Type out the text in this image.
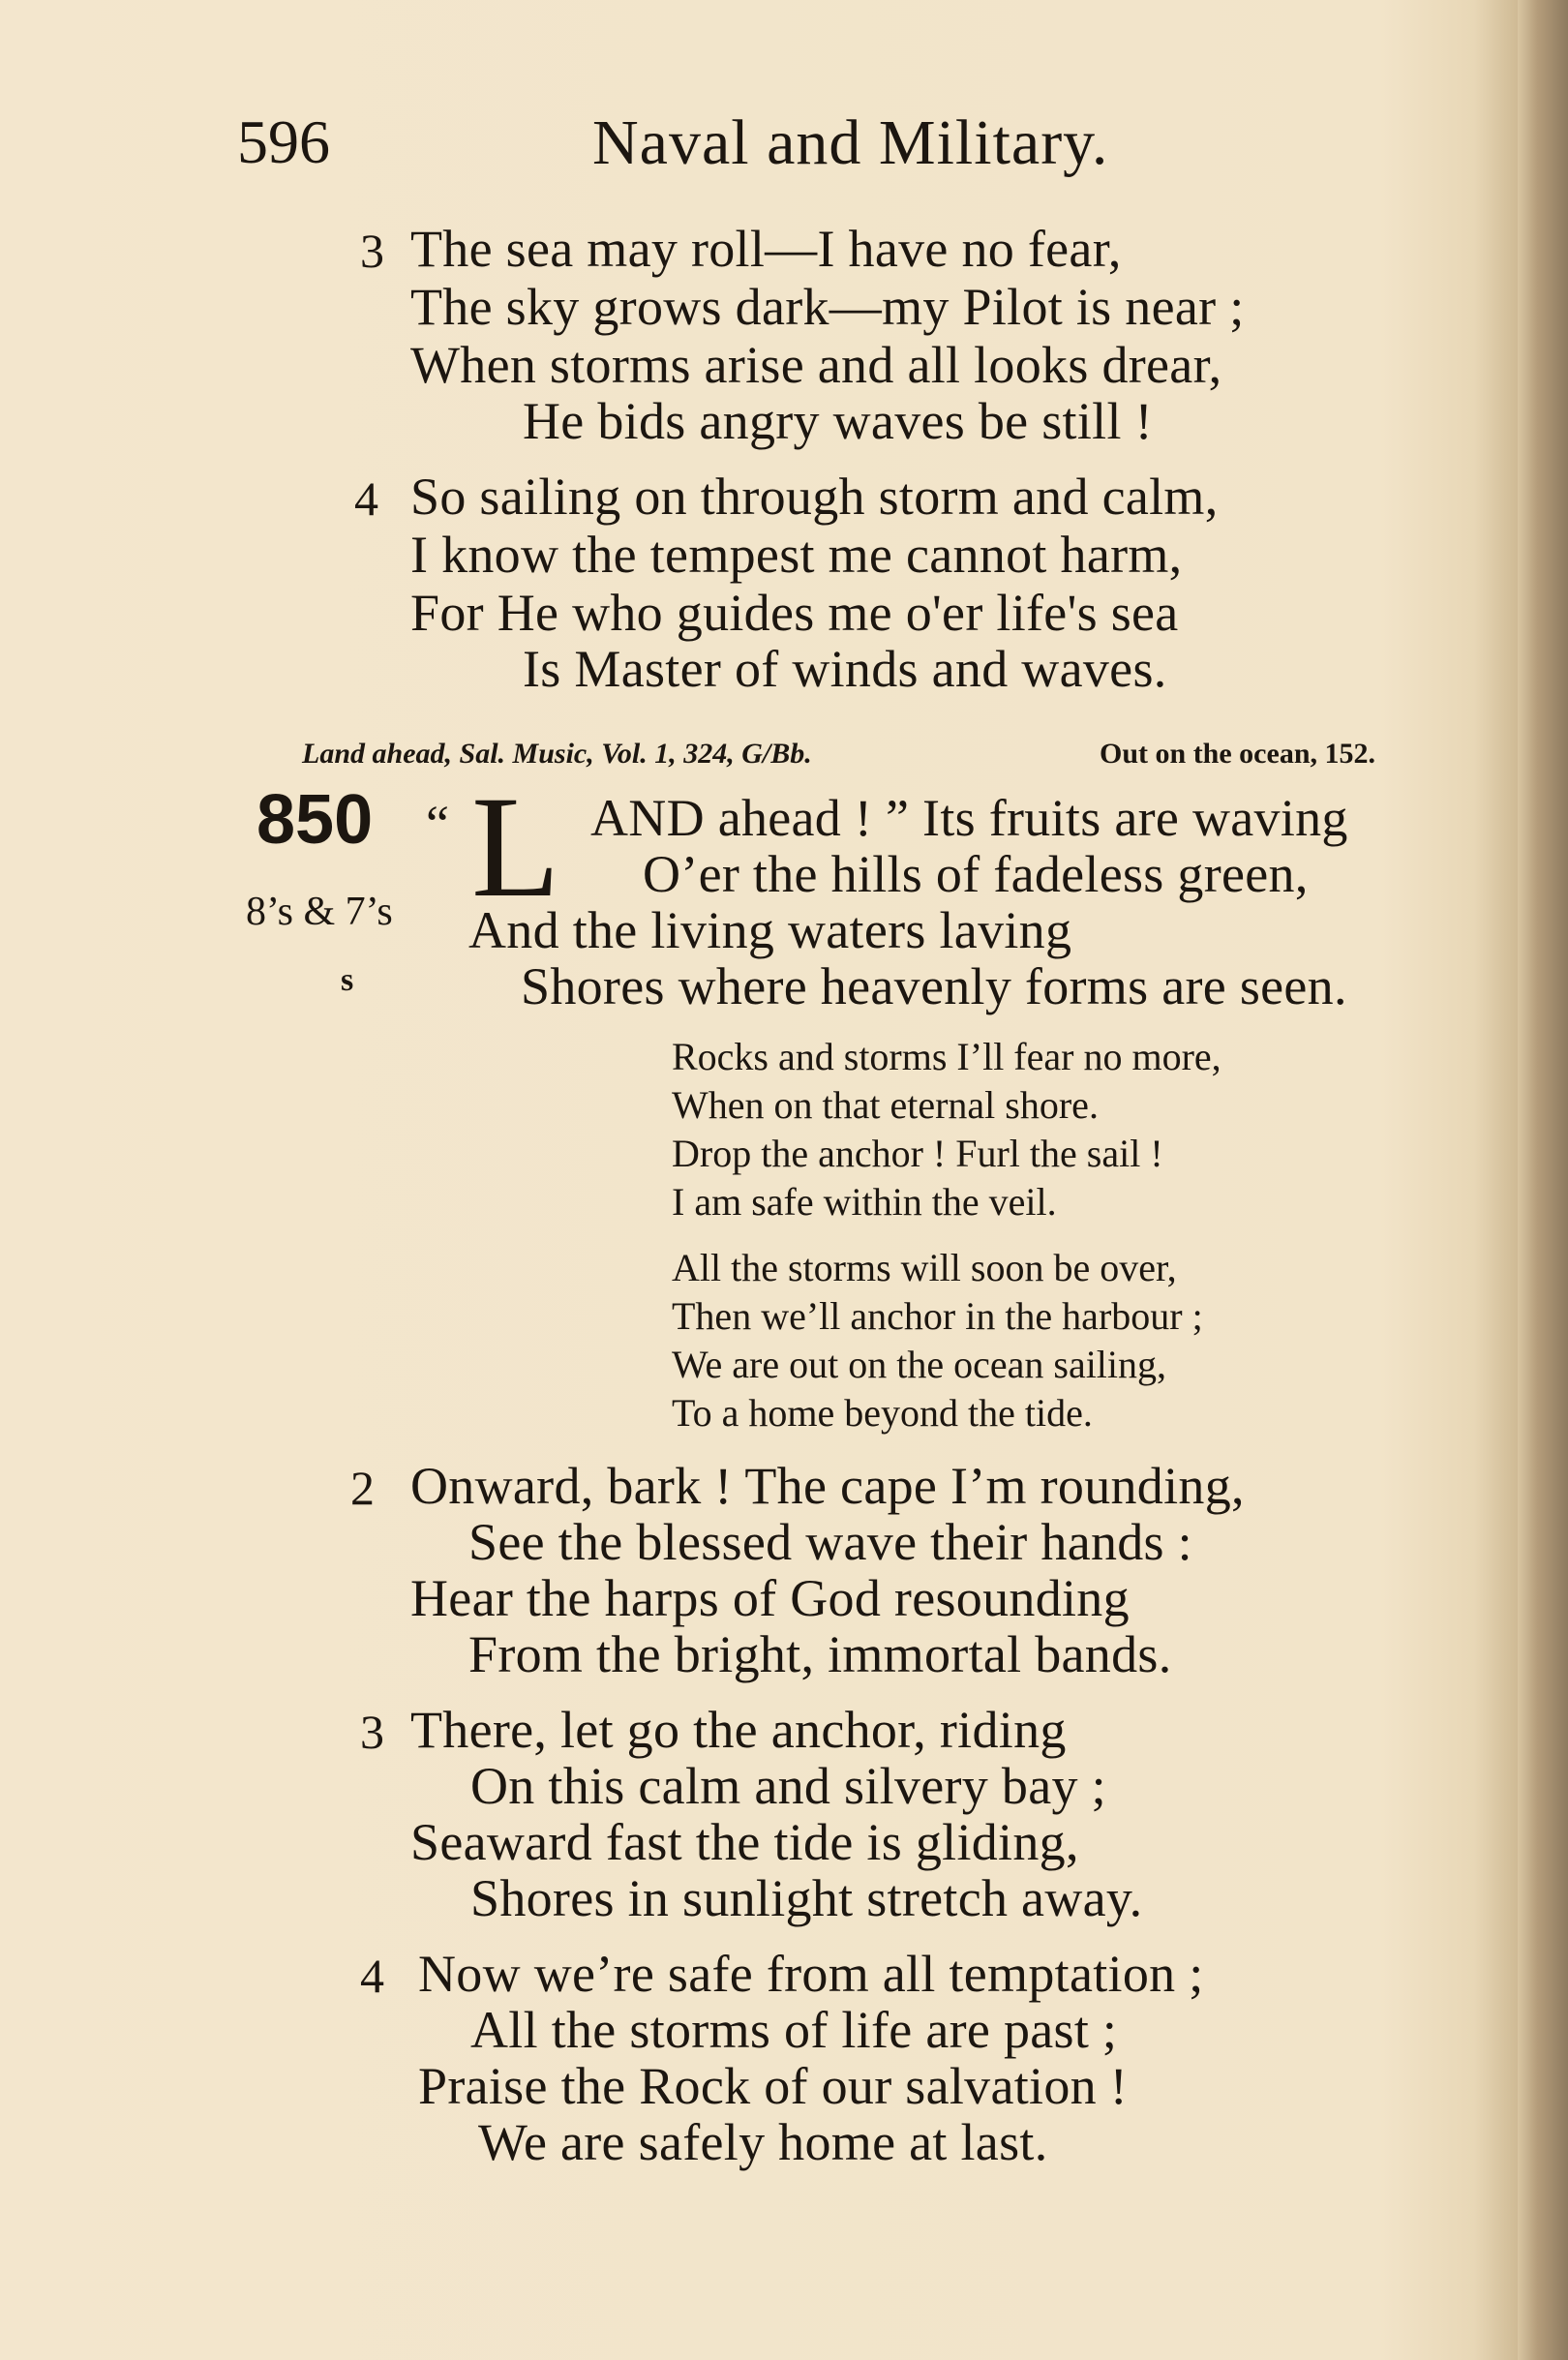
596	Naval and Military.
3 The sea may roll—I have no fear,
The sky grows dark—my Pilot is near ;
When storms arise and all looks drear,
He bids angry waves be still !
4 So sailing on through storm and calm,
I know the tempest me cannot harm,
For He who guides me o'er life's sea
Is Master of winds and waves.
Land ahead, Sal. Music, Vol. 1, 324, G/Bb.	Out on the ocean, 152.
850 “ L
8’s & 7’s
s
AND ahead ! ” Its fruits are waving
O’er the hills of fadeless green,
And the living waters laving
Shores where heavenly forms are seen.
Rocks and storms I’ll fear no more,
When on that eternal shore.
Drop the anchor ! Furl the sail !
I am safe within the veil.
All the storms will soon be over,
Then we’ll anchor in the harbour ;
We are out on the ocean sailing,
To a home beyond the tide.
2 Onward, bark ! The cape I’m rounding,
See the blessed wave their hands :
Hear the harps of God resounding
From the bright, immortal bands.
3 There, let go the anchor, riding
On this calm and silvery bay ;
Seaward fast the tide is gliding,
Shores in sunlight stretch away.
4 Now we’re safe from all temptation ;
All the storms of life are past ;
Praise the Rock of our salvation !
We are safely home at last.
